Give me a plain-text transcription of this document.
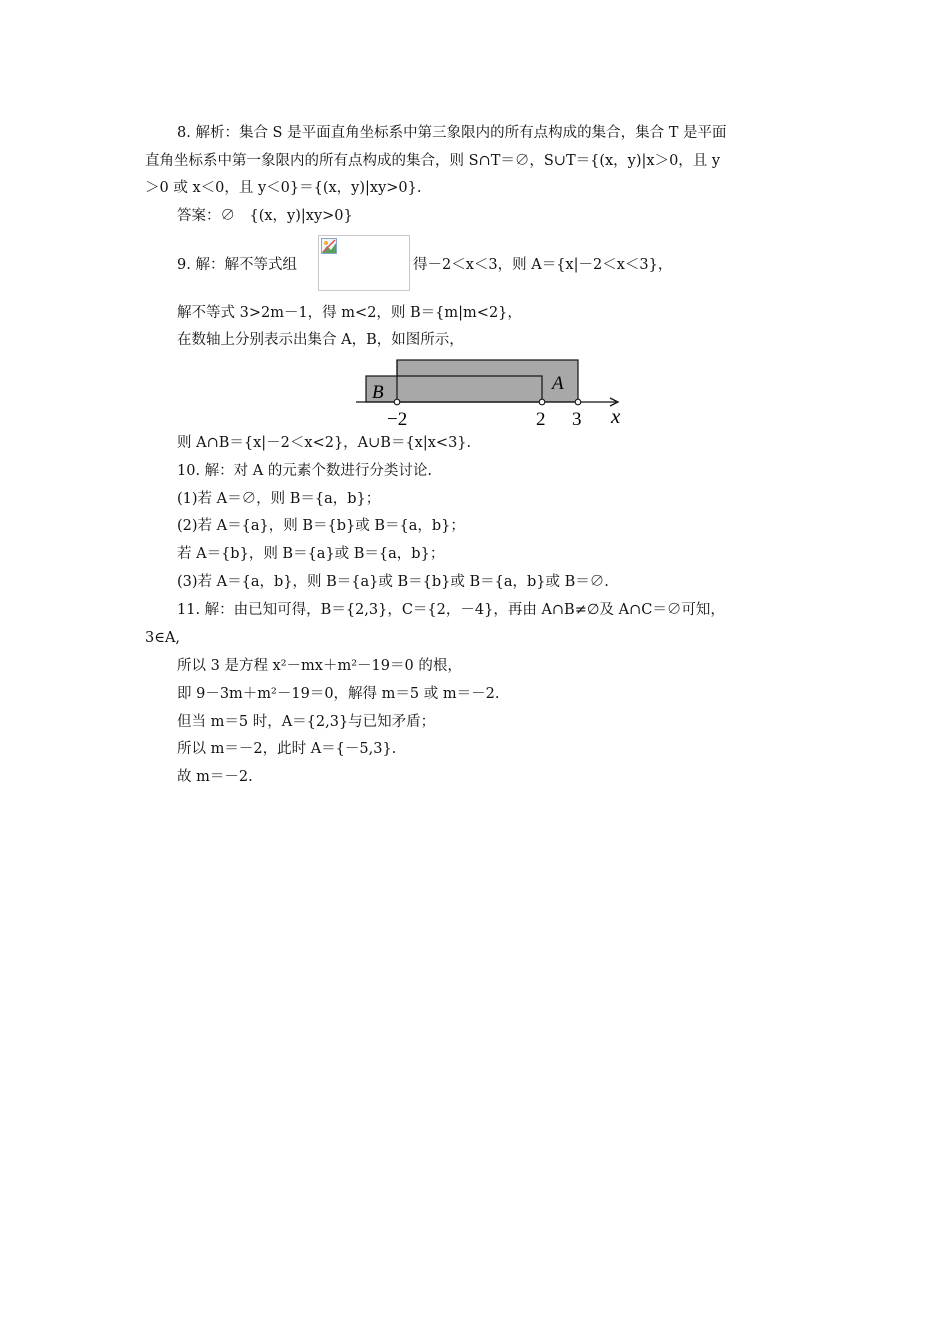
8. 解析：集合 S 是平面直角坐标系中第三象限内的所有点构成的集合，集合 T 是平面
直角坐标系中第一象限内的所有点构成的集合，则 S∩T＝∅，S∪T＝{(x，y)|x＞0，且 y
＞0 或 x＜0，且 y＜0}＝{(x，y)|xy>0}.
答案：∅　{(x，y)|xy>0}
9. 解：解不等式组	得－2＜x＜3，则 A＝{x|－2＜x＜3}，
解不等式 3>2m－1，得 m<2，则 B＝{m|m<2}，
在数轴上分别表示出集合 A，B，如图所示，
B	A
−2	2 3 x
则 A∩B＝{x|－2＜x<2}，A∪B＝{x|x<3}.
10. 解：对 A 的元素个数进行分类讨论.
(1)若 A＝∅，则 B＝{a，b}；
(2)若 A＝{a}，则 B＝{b}或 B＝{a，b}；
若 A＝{b}，则 B＝{a}或 B＝{a，b}；
(3)若 A＝{a，b}，则 B＝{a}或 B＝{b}或 B＝{a，b}或 B＝∅.
11. 解：由已知可得，B＝{2,3}，C＝{2，－4}，再由 A∩B≠∅及 A∩C＝∅可知，
3∈A,
所以 3 是方程 x²－mx＋m²－19＝0 的根，
即 9－3m＋m²－19＝0，解得 m＝5 或 m＝－2.
但当 m＝5 时，A＝{2,3}与已知矛盾；
所以 m＝－2，此时 A＝{－5,3}.
故 m＝－2.
